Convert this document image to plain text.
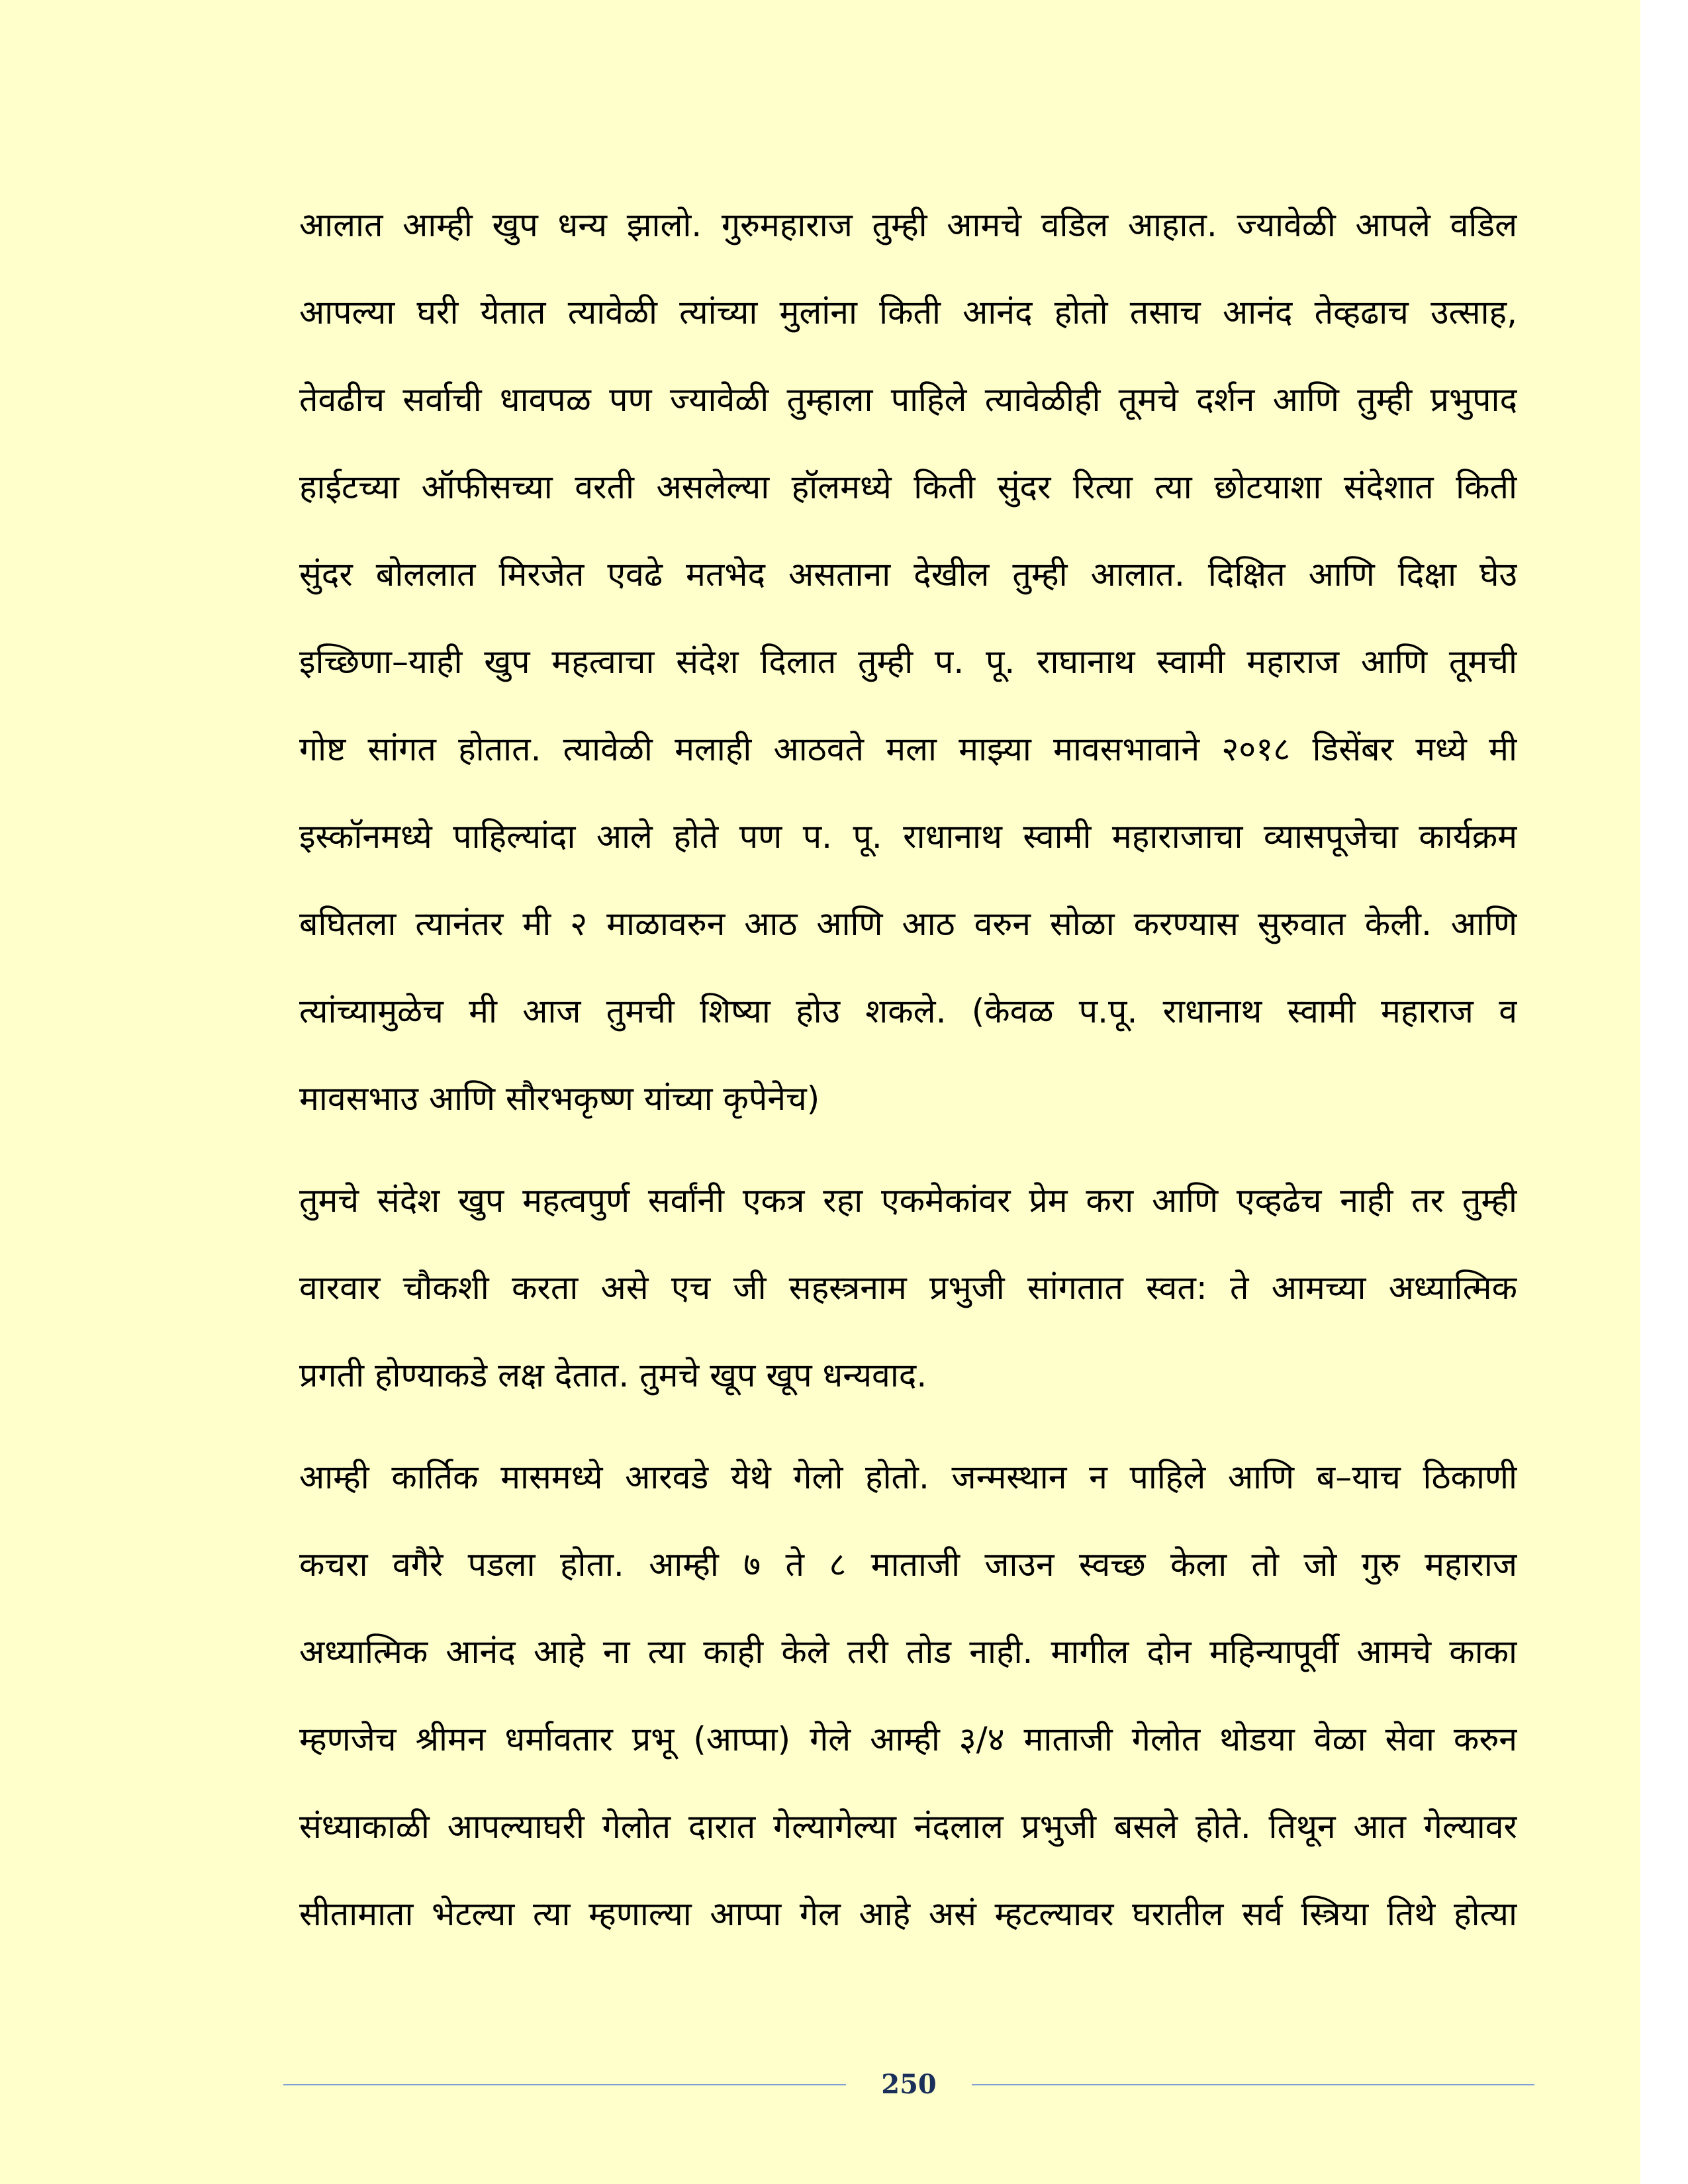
आलात आम्ही खुप धन्य झालो. गुरुमहाराज तुम्ही आमचे वडिल आहात. ज्यावेळी आपले वडिल
आपल्या घरी येतात त्यावेळी त्यांच्या मुलांना किती आनंद होतो तसाच आनंद तेव्हढाच उत्साह,
तेवढीच सर्वाची धावपळ पण ज्यावेळी तुम्हाला पाहिले त्यावेळीही तूमचे दर्शन आणि तुम्ही प्रभुपाद
हाईटच्या ऑफीसच्या वरती असलेल्या हॉलमध्ये किती सुंदर रित्या त्या छोटयाशा संदेशात किती
सुंदर बोललात मिरजेत एवढे मतभेद असताना देखील तुम्ही आलात. दिक्षित आणि दिक्षा घेउ
इच्छिणा–याही खुप महत्वाचा संदेश दिलात तुम्ही प. पू. राघानाथ स्वामी महाराज आणि तूमची
गोष्ट सांगत होतात. त्यावेळी मलाही आठवते मला माझ्या मावसभावाने २०१८ डिसेंबर मध्ये मी
इस्कॉनमध्ये पाहिल्यांदा आले होते पण प. पू. राधानाथ स्वामी महाराजाचा व्यासपूजेचा कार्यक्रम
बघितला त्यानंतर मी २ माळावरुन आठ आणि आठ वरुन सोळा करण्यास सुरुवात केली. आणि
त्यांच्यामुळेच मी आज तुमची शिष्या होउ शकले. (केवळ प.पू. राधानाथ स्वामी महाराज व
मावसभाउ आणि सौरभकृष्ण यांच्या कृपेनेच)
तुमचे संदेश खुप महत्वपुर्ण सर्वांनी एकत्र रहा एकमेकांवर प्रेम करा आणि एव्हढेच नाही तर तुम्ही
वारवार चौकशी करता असे एच जी सहस्त्रनाम प्रभुजी सांगतात स्वत: ते आमच्या अध्यात्मिक
प्रगती होण्याकडे लक्ष देतात. तुमचे खूप खूप धन्यवाद.
आम्ही कार्तिक मासमध्ये आरवडे येथे गेलो होतो. जन्मस्थान न पाहिले आणि ब–याच ठिकाणी
कचरा वगैरे पडला होता. आम्ही ७ ते ८ माताजी जाउन स्वच्छ केला तो जो गुरु महाराज
अध्यात्मिक आनंद आहे ना त्या काही केले तरी तोड नाही. मागील दोन महिन्यापूर्वी आमचे काका
म्हणजेच श्रीमन धर्मावतार प्रभू (आप्पा) गेले आम्ही ३/४ माताजी गेलोत थोडया वेळा सेवा करुन
संध्याकाळी आपल्याघरी गेलोत दारात गेल्यागेल्या नंदलाल प्रभुजी बसले होते. तिथून आत गेल्यावर
सीतामाता भेटल्या त्या म्हणाल्या आप्पा गेल आहे असं म्हटल्यावर घरातील सर्व स्त्रिया तिथे होत्या
250
